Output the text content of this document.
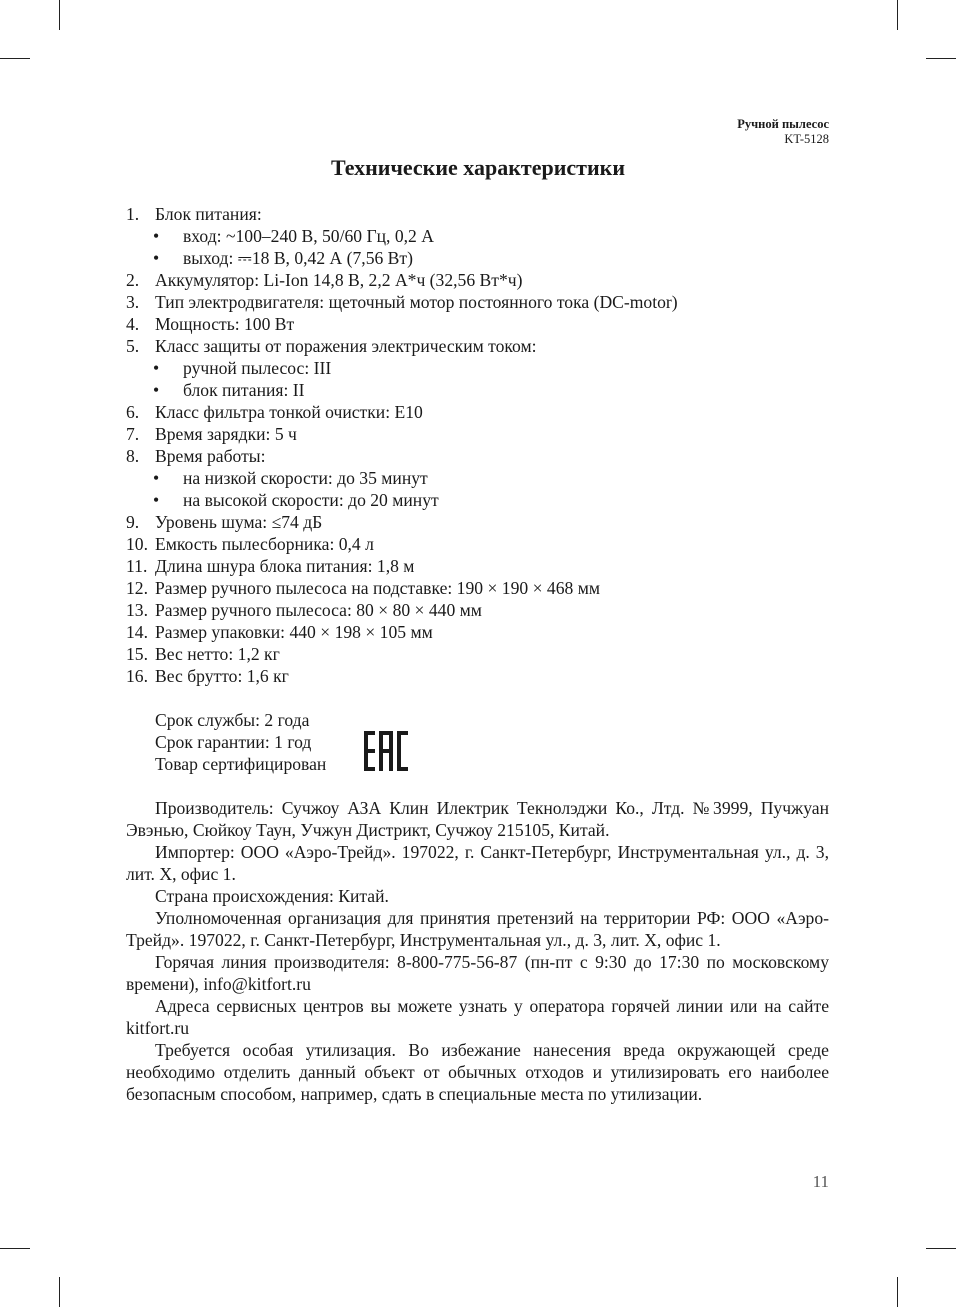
Ручной пылесос
KT-5128
Технические характеристики
1. Блок питания:
• вход: ~100–240 В, 50/60 Гц, 0,2 А
• выход: ⎓18 В, 0,42 А (7,56 Вт)
2. Аккумулятор: Li-Ion 14,8 В, 2,2 А*ч (32,56 Вт*ч)
3. Тип электродвигателя: щеточный мотор постоянного тока (DC-motor)
4. Мощность: 100 Вт
5. Класс защиты от поражения электрическим током:
• ручной пылесос: III
• блок питания: II
6. Класс фильтра тонкой очистки: E10
7. Время зарядки: 5 ч
8. Время работы:
• на низкой скорости: до 35 минут
• на высокой скорости: до 20 минут
9. Уровень шума: ≤74 дБ
10. Емкость пылесборника: 0,4 л
11. Длина шнура блока питания: 1,8 м
12. Размер ручного пылесоса на подставке: 190 × 190 × 468 мм
13. Размер ручного пылесоса: 80 × 80 × 440 мм
14. Размер упаковки: 440 × 198 × 105 мм
15. Вес нетто: 1,2 кг
16. Вес брутто: 1,6 кг
Срок службы: 2 года
Срок гарантии: 1 год
Товар сертифицирован

Производитель: Сучжоу АЗА Клин Илектрик Текнолэджи Ко., Лтд. №3999, Пучжуан Эвэнью, Сюйкоу Таун, Учжун Дистрикт, Сучжоу 215105, Китай.

Импортер: ООО «Аэро-Трейд». 197022, г. Санкт-Петербург, Инструментальная ул., д. 3, лит. Х, офис 1.

Страна происхождения: Китай.

Уполномоченная организация для принятия претензий на территории РФ: ООО «Аэро-Трейд». 197022, г. Санкт-Петербург, Инструментальная ул., д. 3, лит. Х, офис 1.

Горячая линия производителя: 8-800-775-56-87 (пн-пт с 9:30 до 17:30 по московскому времени), info@kitfort.ru

Адреса сервисных центров вы можете узнать у оператора горячей линии или на сайте kitfort.ru

Требуется особая утилизация. Во избежание нанесения вреда окружающей среде необходимо отделить данный объект от обычных отходов и утилизировать его наиболее безопасным способом, например, сдать в специальные места по утилизации.

11
